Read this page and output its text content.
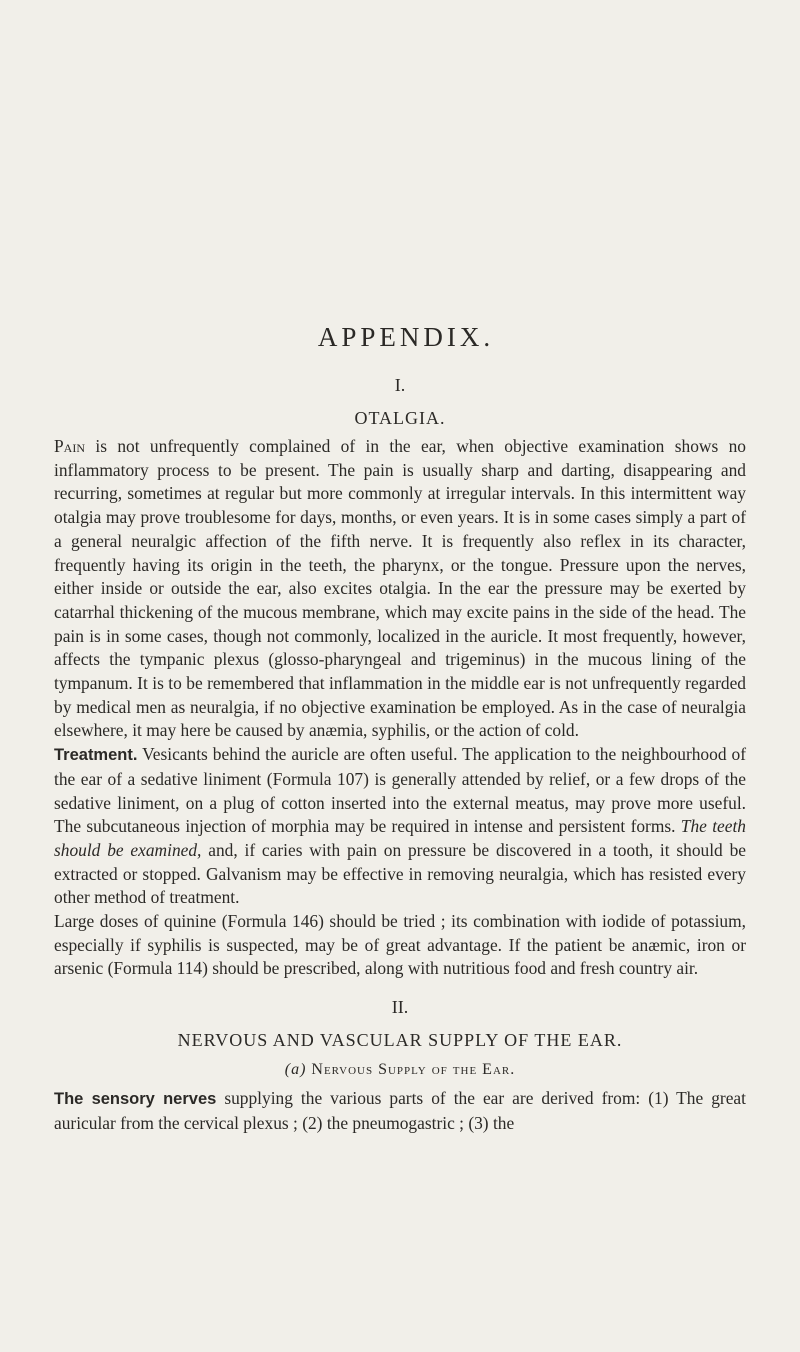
APPENDIX.
I.
OTALGIA.

Pain is not unfrequently complained of in the ear, when objective examination shows no inflammatory process to be present. The pain is usually sharp and darting, disappearing and recurring, sometimes at regular but more commonly at irregular intervals. In this intermittent way otalgia may prove troublesome for days, months, or even years. It is in some cases simply a part of a general neuralgic affection of the fifth nerve. It is frequently also reflex in its character, frequently having its origin in the teeth, the pharynx, or the tongue. Pressure upon the nerves, either inside or outside the ear, also excites otalgia. In the ear the pressure may be exerted by catarrhal thickening of the mucous membrane, which may excite pains in the side of the head. The pain is in some cases, though not commonly, localized in the auricle. It most frequently, however, affects the tympanic plexus (glosso-pharyngeal and trigeminus) in the mucous lining of the tympanum. It is to be remembered that inflammation in the middle ear is not unfrequently regarded by medical men as neuralgia, if no objective examination be employed. As in the case of neuralgia elsewhere, it may here be caused by anæmia, syphilis, or the action of cold.

Treatment. Vesicants behind the auricle are often useful. The application to the neighbourhood of the ear of a sedative liniment (Formula 107) is generally attended by relief, or a few drops of the sedative liniment, on a plug of cotton inserted into the external meatus, may prove more useful. The subcutaneous injection of morphia may be required in intense and persistent forms. The teeth should be examined, and, if caries with pain on pressure be discovered in a tooth, it should be extracted or stopped. Galvanism may be effective in removing neuralgia, which has resisted every other method of treatment.

Large doses of quinine (Formula 146) should be tried ; its combination with iodide of potassium, especially if syphilis is suspected, may be of great advantage. If the patient be anæmic, iron or arsenic (Formula 114) should be prescribed, along with nutritious food and fresh country air.

II.
NERVOUS AND VASCULAR SUPPLY OF THE EAR.
(a) Nervous Supply of the Ear.

The sensory nerves supplying the various parts of the ear are derived from: (1) The great auricular from the cervical plexus ; (2) the pneumogastric ; (3) the
